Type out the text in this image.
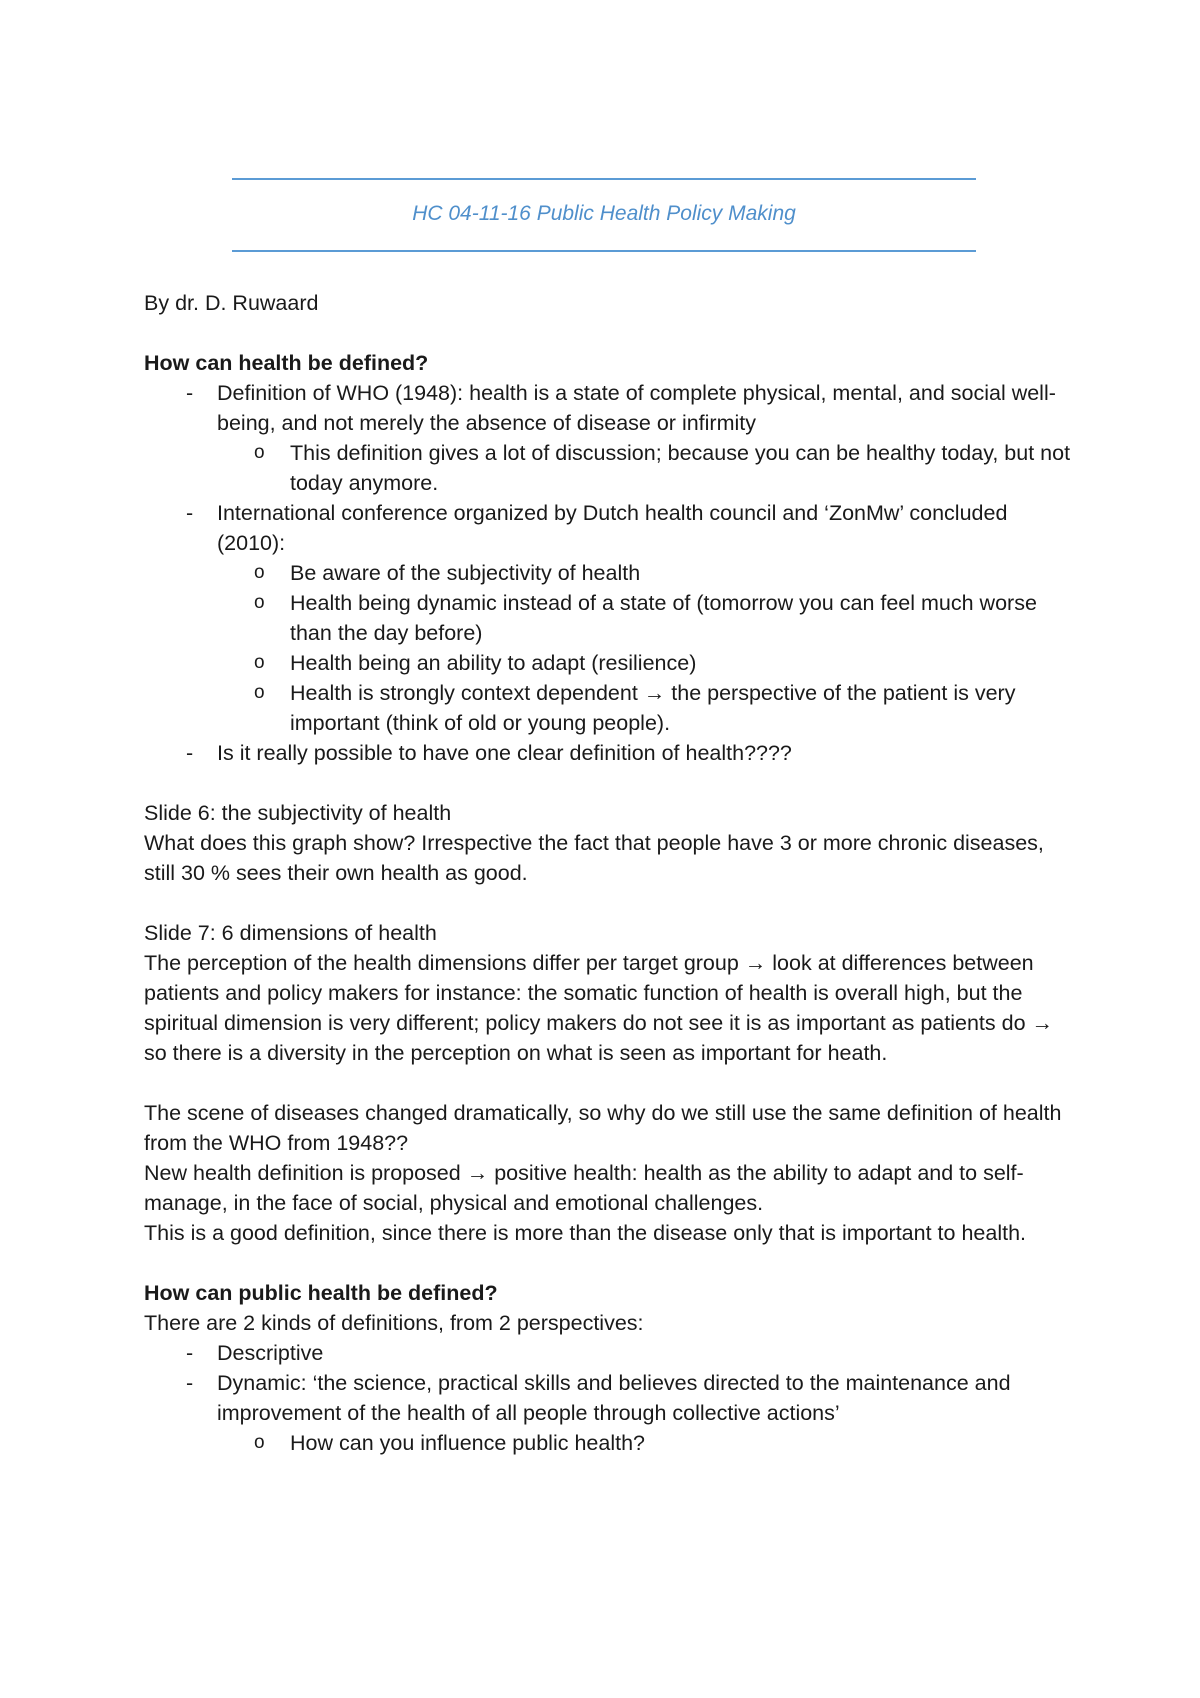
HC 04-11-16 Public Health Policy Making

By dr. D. Ruwaard

How can health be defined?

- Definition of WHO (1948): health is a state of complete physical, mental, and social well-being, and not merely the absence of disease or infirmity
o This definition gives a lot of discussion; because you can be healthy today, but not today anymore.
- International conference organized by Dutch health council and ‘ZonMw’ concluded (2010):
o Be aware of the subjectivity of health
o Health being dynamic instead of a state of (tomorrow you can feel much worse than the day before)
o Health being an ability to adapt (resilience)
o Health is strongly context dependent → the perspective of the patient is very important (think of old or young people).
- Is it really possible to have one clear definition of health????

Slide 6: the subjectivity of health

What does this graph show? Irrespective the fact that people have 3 or more chronic diseases, still 30 % sees their own health as good.

Slide 7: 6 dimensions of health

The perception of the health dimensions differ per target group → look at differences between patients and policy makers for instance: the somatic function of health is overall high, but the spiritual dimension is very different; policy makers do not see it is as important as patients do → so there is a diversity in the perception on what is seen as important for heath.

The scene of diseases changed dramatically, so why do we still use the same definition of health from the WHO from 1948??

New health definition is proposed → positive health: health as the ability to adapt and to self-manage, in the face of social, physical and emotional challenges.

This is a good definition, since there is more than the disease only that is important to health.

How can public health be defined?

There are 2 kinds of definitions, from 2 perspectives:

- Descriptive
- Dynamic: ‘the science, practical skills and believes directed to the maintenance and improvement of the health of all people through collective actions’
o How can you influence public health?
